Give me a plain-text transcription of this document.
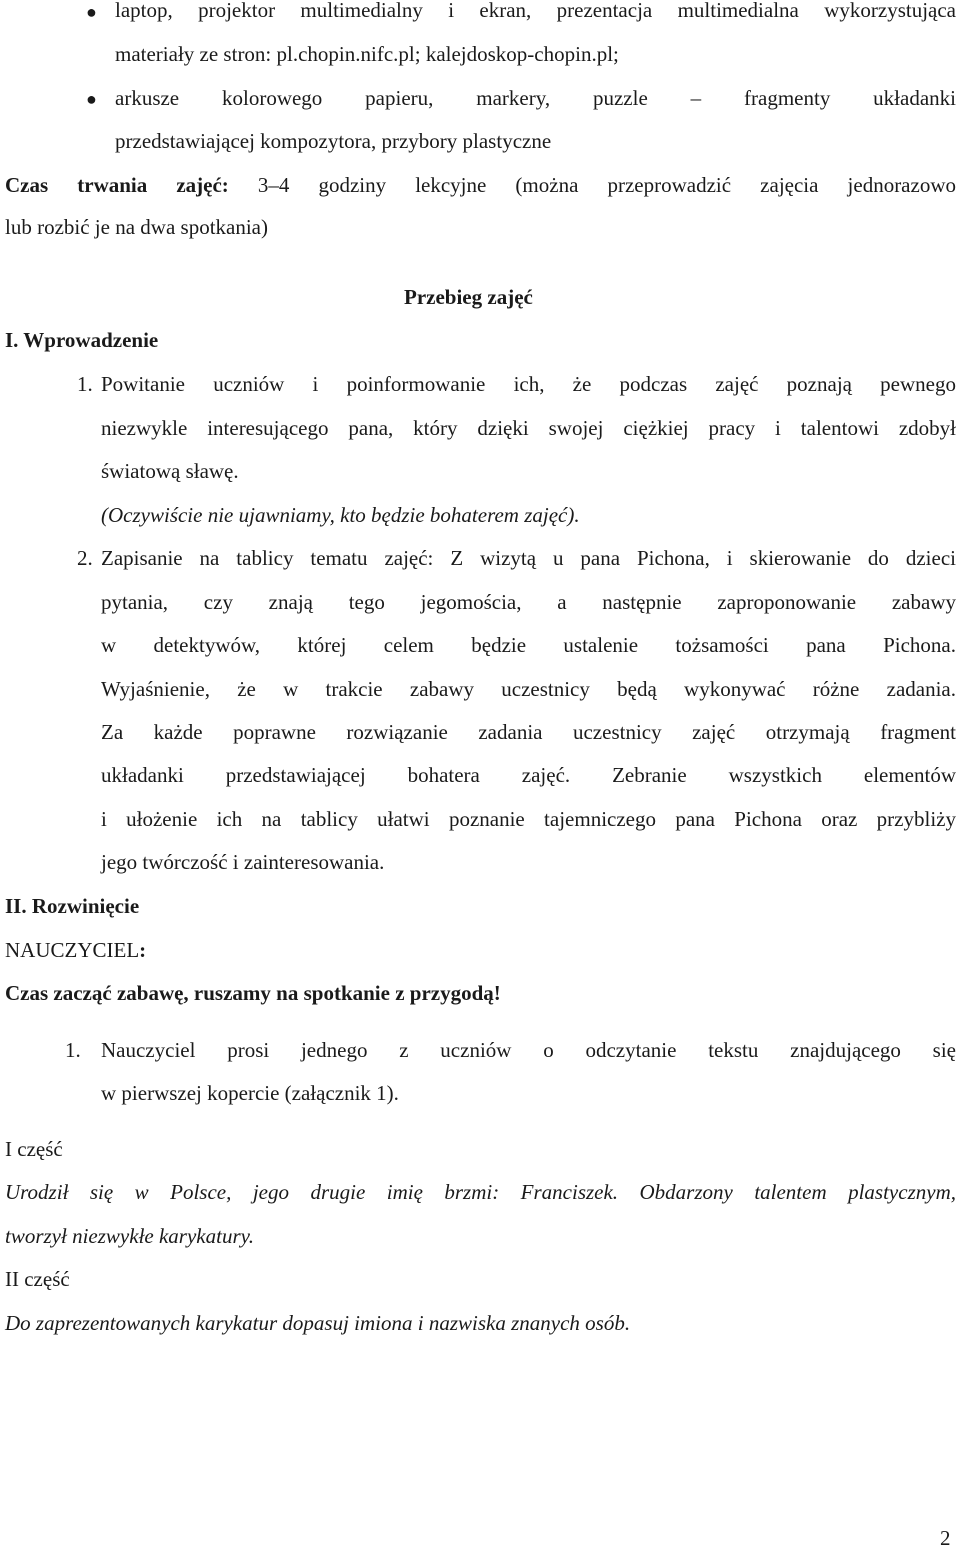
● laptop, projektor multimedialny i ekran, prezentacja multimedialna wykorzystująca
materiały ze stron: pl.chopin.nifc.pl; kalejdoskop-chopin.pl;
● arkusze kolorowego papieru, markery, puzzle – fragmenty układanki
przedstawiającej kompozytora, przybory plastyczne
Czas trwania zajęć: 3–4 godziny lekcyjne (można przeprowadzić zajęcia jednorazowo
lub rozbić je na dwa spotkania)
Przebieg zajęć
I. Wprowadzenie
1. Powitanie uczniów i poinformowanie ich, że podczas zajęć poznają pewnego
niezwykle interesującego pana, który dzięki swojej ciężkiej pracy i talentowi zdobył
światową sławę.
(Oczywiście nie ujawniamy, kto będzie bohaterem zajęć).
2. Zapisanie na tablicy tematu zajęć: Z wizytą u pana Pichona, i skierowanie do dzieci
pytania, czy znają tego jegomościa, a następnie zaproponowanie zabawy
w detektywów, której celem będzie ustalenie tożsamości pana Pichona.
Wyjaśnienie, że w trakcie zabawy uczestnicy będą wykonywać różne zadania.
Za każde poprawne rozwiązanie zadania uczestnicy zajęć otrzymają fragment
układanki przedstawiającej bohatera zajęć. Zebranie wszystkich elementów
i ułożenie ich na tablicy ułatwi poznanie tajemniczego pana Pichona oraz przybliży
jego twórczość i zainteresowania.
II. Rozwinięcie
NAUCZYCIEL:
Czas zacząć zabawę, ruszamy na spotkanie z przygodą!
1. Nauczyciel prosi jednego z uczniów o odczytanie tekstu znajdującego się
w pierwszej kopercie (załącznik 1).
I część
Urodził się w Polsce, jego drugie imię brzmi: Franciszek. Obdarzony talentem plastycznym,
tworzył niezwykłe karykatury.
II część
Do zaprezentowanych karykatur dopasuj imiona i nazwiska znanych osób.
2
